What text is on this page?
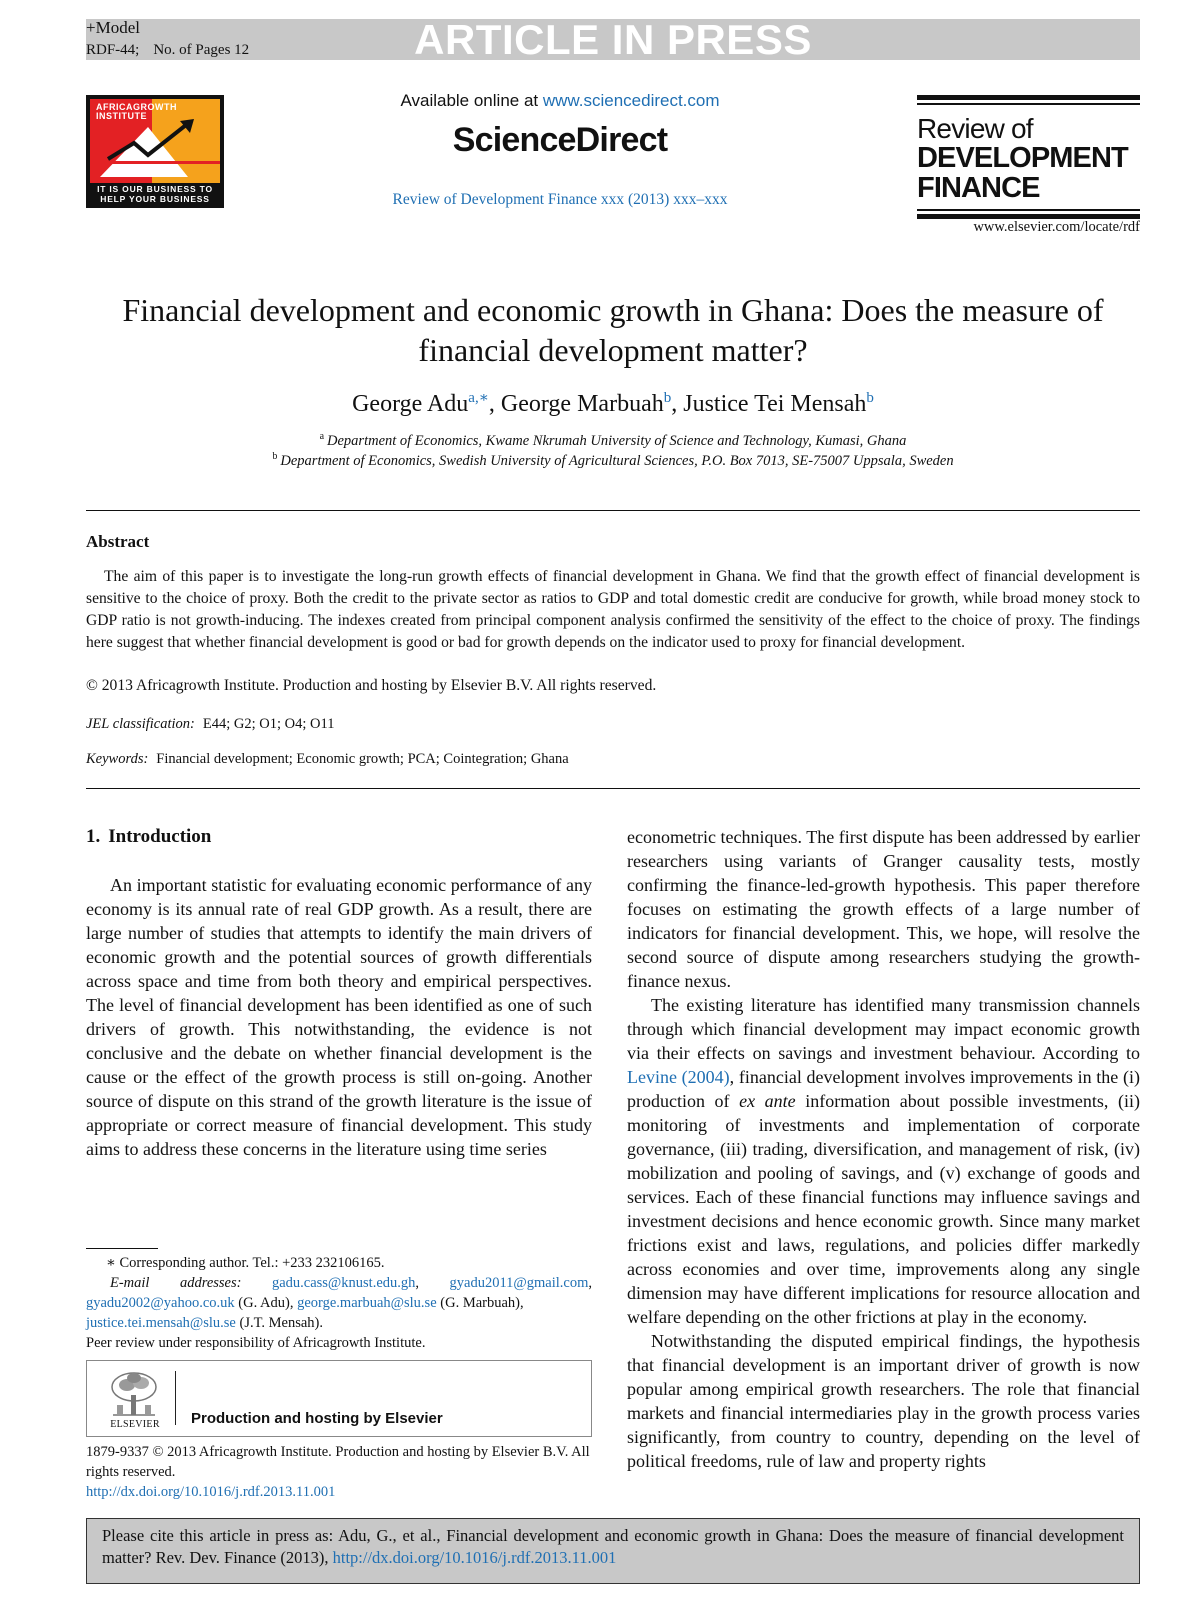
+Model
RDF-44; No. of Pages 12	ARTICLE IN PRESS
AFRICAGROWTH INSTITUTE
IT IS OUR BUSINESS TO
HELP YOUR BUSINESS
Available online at www.sciencedirect.com
ScienceDirect
Review of Development Finance xxx (2013) xxx–xxx
Review of
DEVELOPMENT
FINANCE
www.elsevier.com/locate/rdf
Financial development and economic growth in Ghana: Does the measure of
financial development matter?
George Adu$^{a,∗}$, George Marbuah$^b$, Justice Tei Mensah$^b$
$^a$ Department of Economics, Kwame Nkrumah University of Science and Technology, Kumasi, Ghana
$^b$ Department of Economics, Swedish University of Agricultural Sciences, P.O. Box 7013, SE-75007 Uppsala, Sweden
Abstract
The aim of this paper is to investigate the long-run growth effects of financial development in Ghana. We find that the growth effect of financial development is sensitive to the choice of proxy. Both the credit to the private sector as ratios to GDP and total domestic credit are conducive for growth, while broad money stock to GDP ratio is not growth-inducing. The indexes created from principal component analysis confirmed the sensitivity of the effect to the choice of proxy. The findings here suggest that whether financial development is good or bad for growth depends on the indicator used to proxy for financial development.
© 2013 Africagrowth Institute. Production and hosting by Elsevier B.V. All rights reserved.
JEL classification: E44; G2; O1; O4; O11
Keywords: Financial development; Economic growth; PCA; Cointegration; Ghana
1. Introduction

An important statistic for evaluating economic performance of any economy is its annual rate of real GDP growth. As a result, there are large number of studies that attempts to identify the main drivers of economic growth and the potential sources of growth differentials across space and time from both theory and empirical perspectives. The level of financial development has been identified as one of such drivers of growth. This notwithstanding, the evidence is not conclusive and the debate on whether financial development is the cause or the effect of the growth process is still on-going. Another source of dispute on this strand of the growth literature is the issue of appropriate or correct measure of financial development. This study aims to address these concerns in the literature using time series

econometric techniques. The first dispute has been addressed by earlier researchers using variants of Granger causality tests, mostly confirming the finance-led-growth hypothesis. This paper therefore focuses on estimating the growth effects of a large number of indicators for financial development. This, we hope, will resolve the second source of dispute among researchers studying the growth-finance nexus.

The existing literature has identified many transmission channels through which financial development may impact economic growth via their effects on savings and investment behaviour. According to Levine (2004), financial development involves improvements in the (i) production of ex ante information about possible investments, (ii) monitoring of investments and implementation of corporate governance, (iii) trading, diversification, and management of risk, (iv) mobilization and pooling of savings, and (v) exchange of goods and services. Each of these financial functions may influence savings and investment decisions and hence economic growth. Since many market frictions exist and laws, regulations, and policies differ markedly across economies and over time, improvements along any single dimension may have different implications for resource allocation and welfare depending on the other frictions at play in the economy.

Notwithstanding the disputed empirical findings, the hypothesis that financial development is an important driver of growth is now popular among empirical growth researchers. The role that financial markets and financial intermediaries play in the growth process varies significantly, from country to country, depending on the level of political freedoms, rule of law and property rights

∗ Corresponding author. Tel.: +233 232106165.
E-mail addresses: gadu.cass@knust.edu.gh, gyadu2011@gmail.com,
gyadu2002@yahoo.co.uk (G. Adu), george.marbuah@slu.se (G. Marbuah),
justice.tei.mensah@slu.se (J.T. Mensah).
Peer review under responsibility of Africagrowth Institute.
ELSEVIER	Production and hosting by Elsevier
1879-9337 © 2013 Africagrowth Institute. Production and hosting by Elsevier B.V. All rights reserved.
http://dx.doi.org/10.1016/j.rdf.2013.11.001
Please cite this article in press as: Adu, G., et al., Financial development and economic growth in Ghana: Does the measure of financial development matter? Rev. Dev. Finance (2013), http://dx.doi.org/10.1016/j.rdf.2013.11.001
